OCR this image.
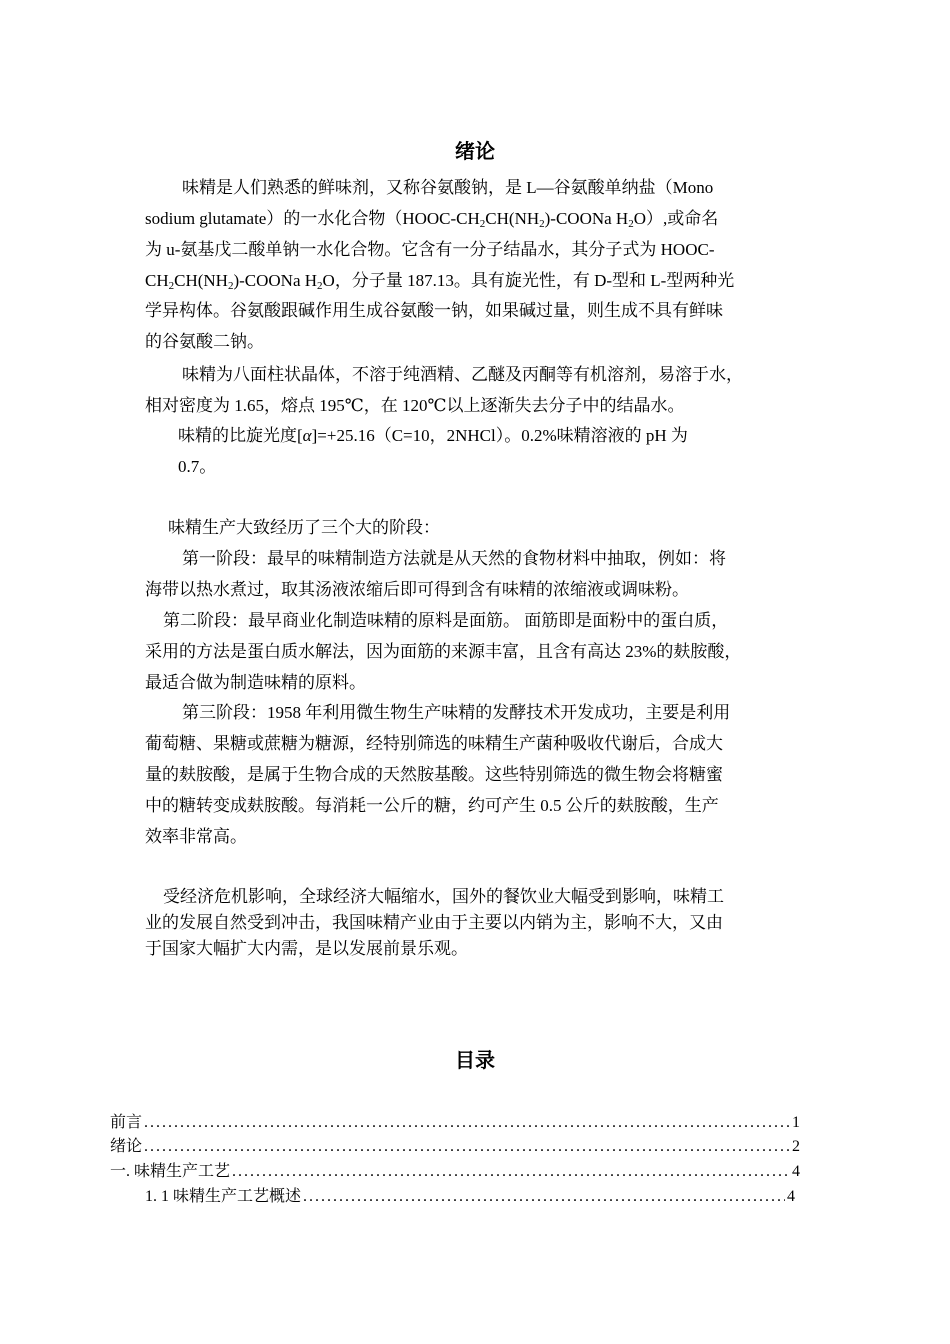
绪论
味精是人们熟悉的鲜味剂，又称谷氨酸钠，是 L—谷氨酸单纳盐（Mono
sodium glutamate）的一水化合物（$HOOC-CH_2CH(NH_2)$-COONa $H_2O$）,或命名
为 u-氨基戊二酸单钠一水化合物。它含有一分子结晶水，其分子式为 HOOC-
$CH_2CH(NH_2)$-COONa $H_2O$，分子量 187.13。具有旋光性，有 D-型和 L-型两种光
学异构体。谷氨酸跟碱作用生成谷氨酸一钠，如果碱过量，则生成不具有鲜味
的谷氨酸二钠。
味精为八面柱状晶体，不溶于纯酒精、乙醚及丙酮等有机溶剂，易溶于水，
相对密度为 1.65，熔点 195℃，在 120℃以上逐渐失去分子中的结晶水。
味精的比旋光度[α]=+25.16（C=10，2NHCl）。0.2%味精溶液的 pH 为
0.7。
味精生产大致经历了三个大的阶段：
第一阶段：最早的味精制造方法就是从天然的食物材料中抽取，例如：将
海带以热水煮过，取其汤液浓缩后即可得到含有味精的浓缩液或调味粉。
第二阶段：最早商业化制造味精的原料是面筋。 面筋即是面粉中的蛋白质，
采用的方法是蛋白质水解法，因为面筋的来源丰富，且含有高达 23%的麸胺酸，
最适合做为制造味精的原料。
第三阶段：1958 年利用微生物生产味精的发酵技术开发成功，主要是利用
葡萄糖、果糖或蔗糖为糖源，经特别筛选的味精生产菌种吸收代谢后，合成大
量的麸胺酸，是属于生物合成的天然胺基酸。这些特别筛选的微生物会将糖蜜
中的糖转变成麸胺酸。每消耗一公斤的糖，约可产生 0.5 公斤的麸胺酸，生产
效率非常高。
受经济危机影响，全球经济大幅缩水，国外的餐饮业大幅受到影响，味精工
业的发展自然受到冲击，我国味精产业由于主要以内销为主，影响不大，又由
于国家大幅扩大内需，是以发展前景乐观。
目录
前言 . . .	1
绪论 . . .	2
一. 味精生产工艺 . . .	4
1. 1 味精生产工艺概述 . . .	4
